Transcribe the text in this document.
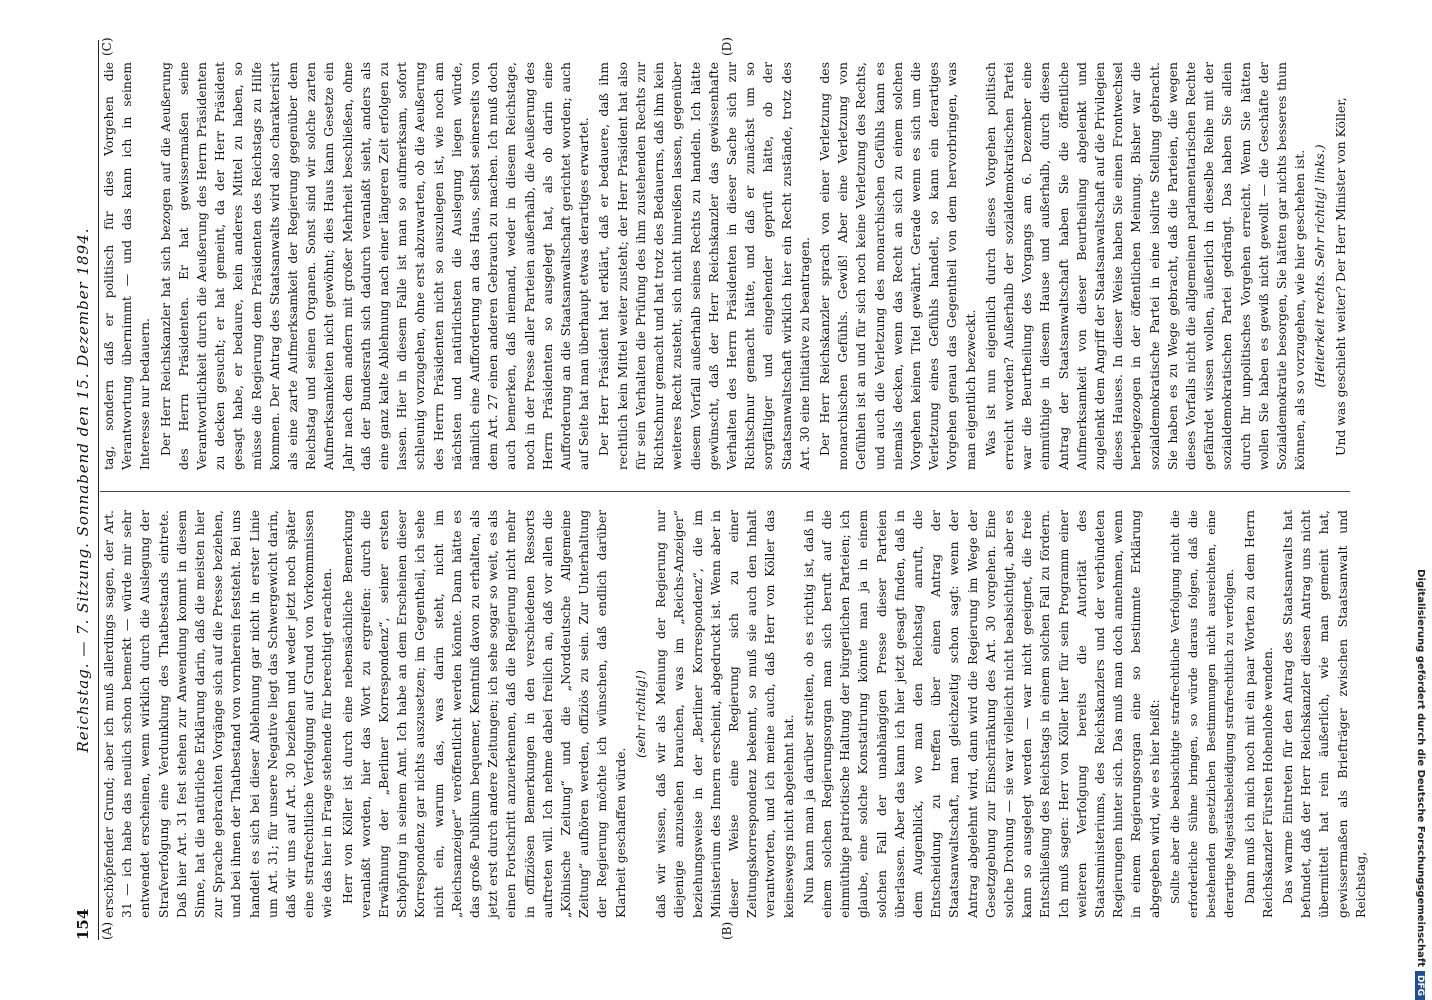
154
Reichstag. — 7. Sitzung. Sonnabend den 15. Dezember 1894.
(A)	(B)
(C)	(D)

erschöpfender Grund; aber ich muß allerdings sagen, der Art. 31 — ich habe das neulich schon bemerkt — würde mir sehr entwendet erscheinen, wenn wirklich durch die Auslegung der Strafverfolgung eine Verdunklung des Thatbestands eintrete. Daß hier Art. 31 fest stehen zur Anwendung kommt in diesem Sinne, hat die natürliche Erklärung darin, daß die meisten hier zur Sprache gebrachten Vorgänge sich auf die Presse beziehen, und bei ihnen der Thatbestand von vornherein feststeht. Bei uns handelt es sich bei dieser Ablehnung gar nicht in erster Linie um Art. 31; für unsere Negative liegt das Schwergewicht darin, daß wir uns auf Art. 30 beziehen und weder jetzt noch später eine strafrechtliche Verfolgung auf Grund von Vorkommnissen wie das hier in Frage stehende für berechtigt erachten. Herr von Köller ist durch eine nebensächliche Bemerkung veranlaßt worden, hier das Wort zu ergreifen: durch die Erwähnung der „Berliner Korrespondenz“, seiner ersten Schöpfung in seinem Amt. Ich habe an dem Erscheinen dieser Korrespondenz gar nichts auszusetzen; im Gegentheil, ich sehe nicht ein, warum das, was darin steht, nicht im „Reichsanzeiger“ veröffentlicht werden könnte. Dann hätte es das große Publikum bequemer, Kenntniß davon zu erhalten, als jetzt erst durch andere Zeitungen; ich sehe sogar so weit, es als einen Fortschritt anzuerkennen, daß die Regierung nicht mehr in offiziösen Bemerkungen in den verschiedenen Ressorts auftreten will. Ich nehme dabei freilich an, daß vor allen die „Kölnische Zeitung“ und die „Norddeutsche Allgemeine Zeitung“ aufhören werden, offiziös zu sein. Zur Unterhaltung der Regierung möchte ich wünschen, daß endlich darüber Klarheit geschaffen würde.

(sehr richtig!) daß wir wissen, daß wir als Meinung der Regierung nur diejenige anzusehen brauchen, was im „Reichs-Anzeiger“ beziehungsweise in der „Berliner Korrespondenz“, die im Ministerium des Innern erscheint, abgedruckt ist. Wenn aber in dieser Weise eine Regierung sich zu einer Zeitungskorrespondenz bekennt, so muß sie auch den Inhalt verantworten, und ich meine auch, daß Herr von Köller das keineswegs nicht abgelehnt hat. Nun kann man ja darüber streiten, ob es richtig ist, daß in einem solchen Regierungsorgan man sich beruft auf die einmüthige patriotische Haltung der bürgerlichen Parteien; ich glaube, eine solche Konstatirung könnte man ja in einem solchen Fall der unabhängigen Presse dieser Parteien überlassen. Aber das kann ich hier jetzt gesagt finden, daß in dem Augenblick, wo man den Reichstag anruft, die Entscheidung zu treffen über einen Antrag der Staatsanwaltschaft, man gleichzeitig schon sagt: wenn der Antrag abgelehnt wird, dann wird die Regierung im Wege der Gesetzgebung zur Einschränkung des Art. 30 vorgehen. Eine solche Drohung — sie war vielleicht nicht beabsichtigt, aber es kann so ausgelegt werden — war nicht geeignet, die freie Entschließung des Reichstags in einem solchen Fall zu fördern. Ich muß sagen: Herr von Köller hier für sein Programm einer weiteren Verfolgung bereits die Autorität des Staatsministeriums, des Reichskanzlers und der verbündeten Regierungen hinter sich. Das muß man doch annehmen, wenn in einem Regierungsorgan eine so bestimmte Erklärung abgegeben wird, wie es hier heißt: Sollte aber die beabsichtigte strafrechtliche Verfolgung nicht die erforderliche Sühne bringen, so würde daraus folgen, daß die bestehenden gesetzlichen Bestimmungen nicht ausreichten, eine derartige Majestätsbeleidigung strafrechtlich zu verfolgen. Dann muß ich mich noch mit ein paar Worten zu dem Herrn Reichskanzler Fürsten Hohenlohe wenden. Das warme Eintreten für den Antrag des Staatsanwalts hat befundet, daß der Herr Reichskanzler diesen Antrag uns nicht übermittelt hat rein äußerlich, wie man gemeint hat, gewissermaßen als Briefträger zwischen Staatsanwalt und Reichstag,

tag, sondern daß er politisch für dies Vorgehen die Verantwortung übernimmt — und das kann ich in seinem Interesse nur bedauern. Der Herr Reichskanzler hat sich bezogen auf die Aeußerung des Herrn Präsidenten. Er hat gewissermaßen seine Verantwortlichkeit durch die Aeußerung des Herrn Präsidenten zu decken gesucht; er hat gemeint, da der Herr Präsident gesagt habe, er bedaure, kein anderes Mittel zu haben, so müsse die Regierung dem Präsidenten des Reichstags zu Hilfe kommen. Der Antrag des Staatsanwalts wird also charakterisirt als eine zarte Aufmerksamkeit der Regierung gegenüber dem Reichstag und seinen Organen. Sonst sind wir solche zarten Aufmerksamkeiten nicht gewöhnt; dies Haus kann Gesetze ein Jahr nach dem andern mit großer Mehrheit beschließen, ohne daß der Bundesrath sich dadurch veranlaßt sieht, anders als eine ganz kalte Ablehnung nach einer längeren Zeit erfolgen zu lassen. Hier in diesem Falle ist man so aufmerksam, sofort schleunig vorzugehen, ohne erst abzuwarten, ob die Aeußerung des Herrn Präsidenten nicht so auszulegen ist, wie noch am nächsten und natürlichsten die Auslegung liegen würde, nämlich eine Aufforderung an das Haus, selbst seinerseits von dem Art. 27 einen anderen Gebrauch zu machen. Ich muß doch auch bemerken, daß niemand, weder in diesem Reichstage, noch in der Presse aller Parteien außerhalb, die Aeußerung des Herrn Präsidenten so ausgelegt hat, als ob darin eine Aufforderung an die Staatsanwaltschaft gerichtet worden; auch auf Seite hat man überhaupt etwas derartiges erwartet. Der Herr Präsident hat erklärt, daß er bedauere, daß ihm rechtlich kein Mittel weiter zusteht; der Herr Präsident hat also für sein Verhalten die Prüfung des ihm zustehenden Rechts zur Richtschnur gemacht und hat trotz des Bedauerns, daß ihm kein weiteres Recht zusteht, sich nicht hinreißen lassen, gegenüber diesem Vorfall außerhalb seines Rechts zu handeln. Ich hätte gewünscht, daß der Herr Reichskanzler das gewissenhafte Verhalten des Herrn Präsidenten in dieser Sache sich zur Richtschnur gemacht hätte, und daß er zunächst um so sorgfältiger und eingehender geprüft hätte, ob der Staatsanwaltschaft wirklich hier ein Recht zustände, trotz des Art. 30 eine Initiative zu beantragen. Der Herr Reichskanzler sprach von einer Verletzung des monarchischen Gefühls. Gewiß! Aber eine Verletzung von Gefühlen ist an und für sich noch keine Verletzung des Rechts, und auch die Verletzung des monarchischen Gefühls kann es niemals decken, wenn das Recht an sich zu einem solchen Vorgehen keinen Titel gewährt. Gerade wenn es sich um die Verletzung eines Gefühls handelt, so kann ein derartiges Vorgehen genau das Gegentheil von dem hervorbringen, was man eigentlich bezweckt. Was ist nun eigentlich durch dieses Vorgehen politisch erreicht worden? Außerhalb der sozialdemokratischen Partei war die Beurtheilung des Vorgangs am 6. Dezember eine einmüthige in diesem Hause und außerhalb, durch diesen Antrag der Staatsanwaltschaft haben Sie die öffentliche Aufmerksamkeit von dieser Beurtheilung abgelenkt und zugelenkt dem Angriff der Staatsanwaltschaft auf die Privilegien dieses Hauses. In dieser Weise haben Sie einen Frontwechsel herbeigezogen in der öffentlichen Meinung. Bisher war die sozialdemokratische Partei in eine isolirte Stellung gebracht. Sie haben es zu Wege gebracht, daß die Parteien, die wegen dieses Vorfalls nicht die allgemeinen parlamentarischen Rechte gefährdet wissen wollen, äußerlich in dieselbe Reihe mit der sozialdemokratischen Partei gedrängt. Das haben Sie allein durch Ihr unpolitisches Vorgehen erreicht. Wenn Sie hätten wollen Sie haben es gewiß nicht gewollt — die Geschäfte der Sozialdemokratie besorgen, Sie hätten gar nichts besseres thun können, als so vorzugehen, wie hier geschehen ist. (Heiterkeit rechts. Sehr richtig! links.) Und was geschieht weiter? Der Herr Minister von Köller,

Digitalisierung gefördert durch die Deutsche ForschungsgemeinschaftDFG
